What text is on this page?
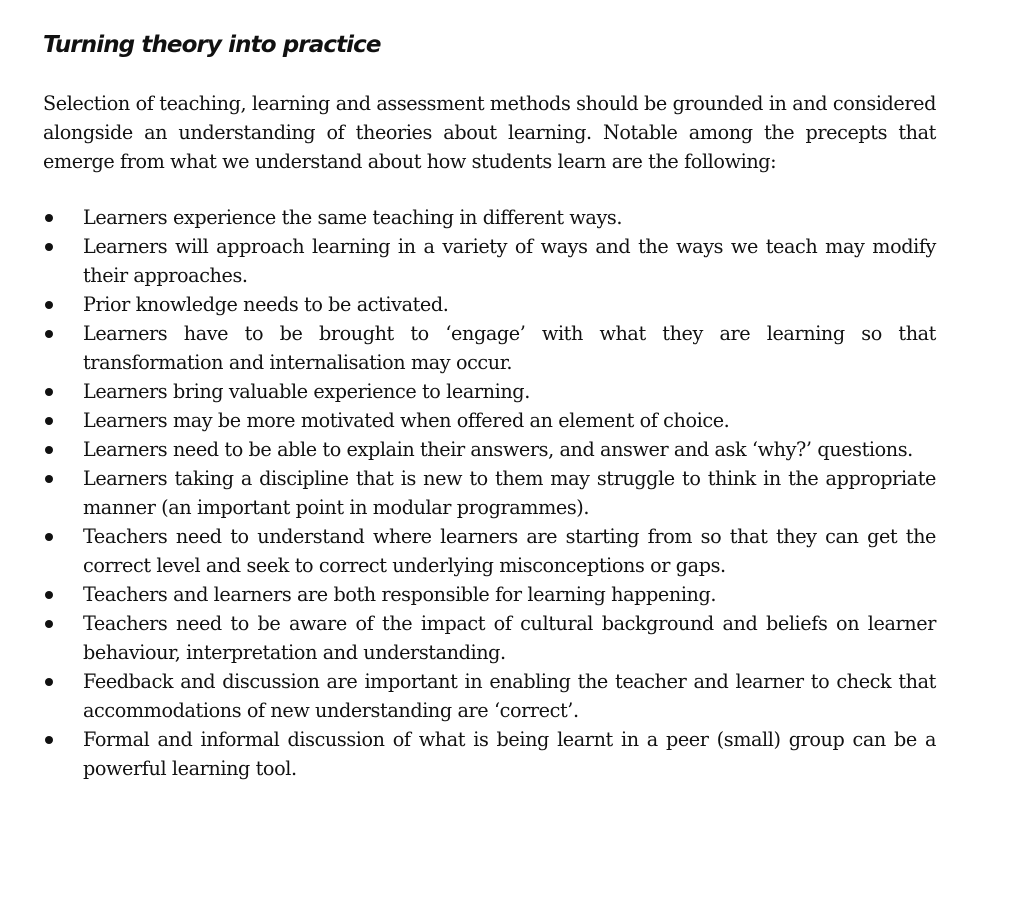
Turning theory into practice

Selection of teaching, learning and assessment methods should be grounded in and considered alongside an understanding of theories about learning. Notable among the precepts that emerge from what we understand about how students learn are the following:

Learners experience the same teaching in different ways.
Learners will approach learning in a variety of ways and the ways we teach may modify their approaches.
Prior knowledge needs to be activated.
Learners have to be brought to ‘engage’ with what they are learning so that transformation and internalisation may occur.
Learners bring valuable experience to learning.
Learners may be more motivated when offered an element of choice.
Learners need to be able to explain their answers, and answer and ask ‘why?’ questions.
Learners taking a discipline that is new to them may struggle to think in the appropriate manner (an important point in modular programmes).
Teachers need to understand where learners are starting from so that they can get the correct level and seek to correct underlying misconceptions or gaps.
Teachers and learners are both responsible for learning happening.
Teachers need to be aware of the impact of cultural background and beliefs on learner behaviour, interpretation and understanding.
Feedback and discussion are important in enabling the teacher and learner to check that accommodations of new understanding are ‘correct’.
Formal and informal discussion of what is being learnt in a peer (small) group can be a powerful learning tool.
